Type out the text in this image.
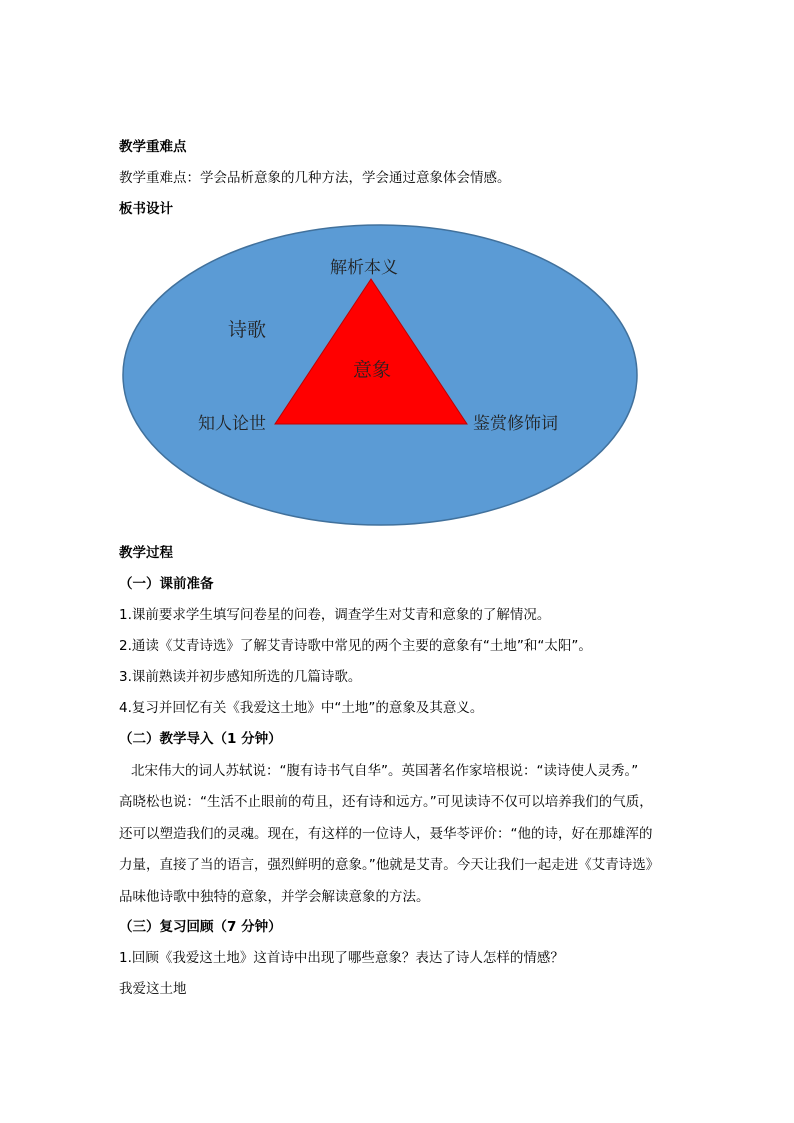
教学重难点
教学重难点：学会品析意象的几种方法，学会通过意象体会情感。
板书设计
诗歌
意象
解析本义
知人论世	鉴赏修饰词
教学过程
（一）课前准备
1.课前要求学生填写问卷星的问卷，调查学生对艾青和意象的了解情况。
2.通读《艾青诗选》了解艾青诗歌中常见的两个主要的意象有“土地”和“太阳”。
3.课前熟读并初步感知所选的几篇诗歌。
4.复习并回忆有关《我爱这土地》中“土地”的意象及其意义。
（二）教学导入（1 分钟）
北宋伟大的词人苏轼说：“腹有诗书气自华”。英国著名作家培根说：“读诗使人灵秀。”
高晓松也说：“生活不止眼前的苟且，还有诗和远方。”可见读诗不仅可以培养我们的气质，
还可以塑造我们的灵魂。现在，有这样的一位诗人，聂华苓评价：“他的诗，好在那雄浑的
力量，直接了当的语言，强烈鲜明的意象。”他就是艾青。今天让我们一起走进《艾青诗选》
品味他诗歌中独特的意象，并学会解读意象的方法。
（三）复习回顾（7 分钟）
1.回顾《我爱这土地》这首诗中出现了哪些意象？表达了诗人怎样的情感？
我爱这土地
